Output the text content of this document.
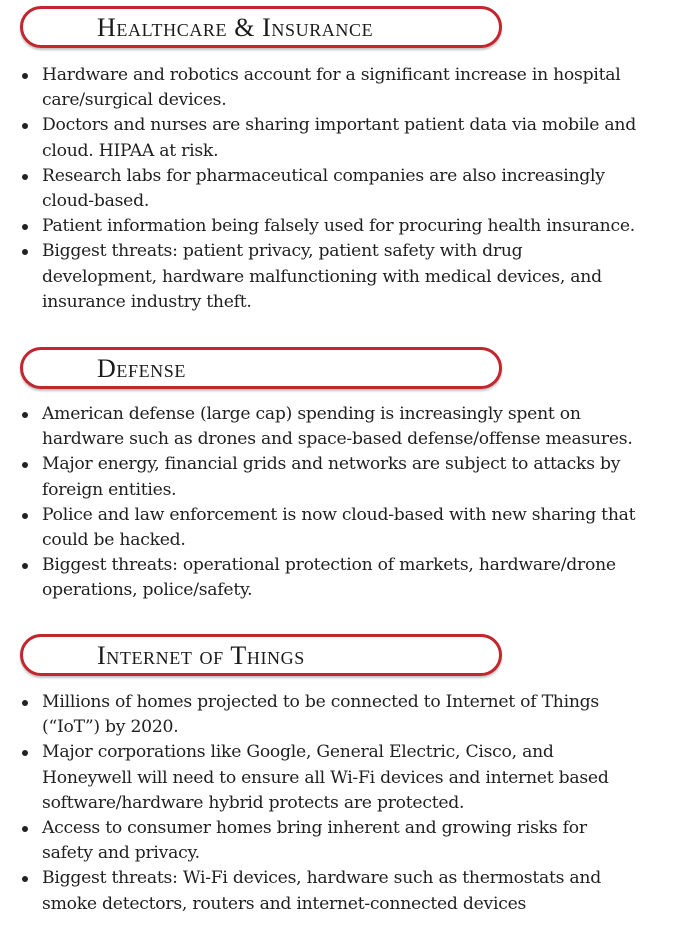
Healthcare & Insurance
Hardware and robotics account for a significant increase in hospital care/surgical devices.
Doctors and nurses are sharing important patient data via mobile and cloud. HIPAA at risk.
Research labs for pharmaceutical companies are also increasingly cloud-based.
Patient information being falsely used for procuring health insurance.
Biggest threats: patient privacy, patient safety with drug development, hardware malfunctioning with medical devices, and insurance industry theft.
Defense
American defense (large cap) spending is increasingly spent on hardware such as drones and space-based defense/offense measures.
Major energy, financial grids and networks are subject to attacks by foreign entities.
Police and law enforcement is now cloud-based with new sharing that could be hacked.
Biggest threats: operational protection of markets, hardware/drone operations, police/safety.
Internet of Things
Millions of homes projected to be connected to Internet of Things (“IoT”) by 2020.
Major corporations like Google, General Electric, Cisco, and Honeywell will need to ensure all Wi-Fi devices and internet based software/hardware hybrid protects are protected.
Access to consumer homes bring inherent and growing risks for safety and privacy.
Biggest threats: Wi-Fi devices, hardware such as thermostats and smoke detectors, routers and internet-connected devices
